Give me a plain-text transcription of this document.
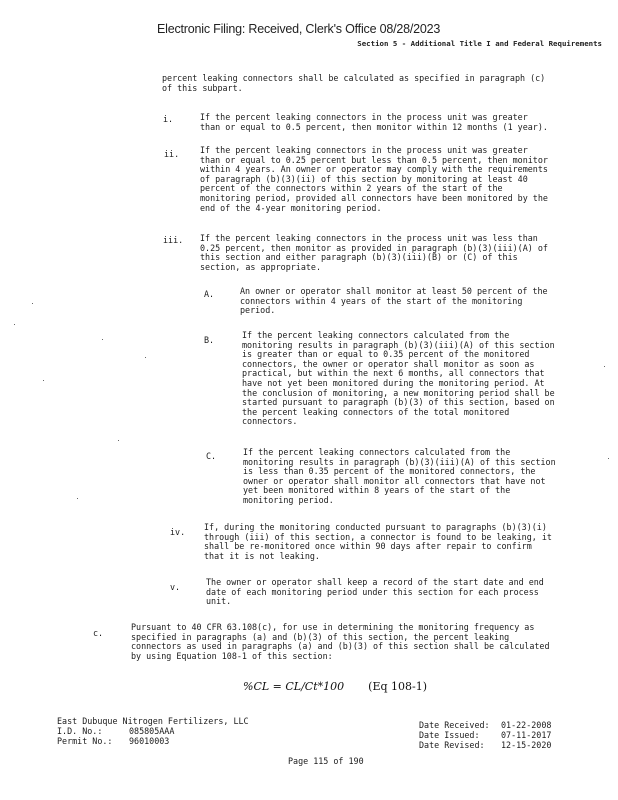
Electronic Filing: Received, Clerk's Office 08/28/2023
Section 5 - Additional Title I and Federal Requirements
percent leaking connectors shall be calculated as specified in paragraph (c)
of this subpart.
i.	If the percent leaking connectors in the process unit was greater
than or equal to 0.5 percent, then monitor within 12 months (1 year).
ii. If the percent leaking connectors in the process unit was greater
than or equal to 0.25 percent but less than 0.5 percent, then monitor
within 4 years. An owner or operator may comply with the requirements
of paragraph (b)(3)(ii) of this section by monitoring at least 40
percent of the connectors within 2 years of the start of the
monitoring period, provided all connectors have been monitored by the
end of the 4-year monitoring period.
iii. If the percent leaking connectors in the process unit was less than
0.25 percent, then monitor as provided in paragraph (b)(3)(iii)(A) of
this section and either paragraph (b)(3)(iii)(B) or (C) of this
section, as appropriate.
A.	An owner or operator shall monitor at least 50 percent of the
connectors within 4 years of the start of the monitoring
period.
B.	If the percent leaking connectors calculated from the
monitoring results in paragraph (b)(3)(iii)(A) of this section
is greater than or equal to 0.35 percent of the monitored
connectors, the owner or operator shall monitor as soon as
practical, but within the next 6 months, all connectors that
have not yet been monitored during the monitoring period. At
the conclusion of monitoring, a new monitoring period shall be
started pursuant to paragraph (b)(3) of this section, based on
the percent leaking connectors of the total monitored
connectors.
C.	If the percent leaking connectors calculated from the
monitoring results in paragraph (b)(3)(iii)(A) of this section
is less than 0.35 percent of the monitored connectors, the
owner or operator shall monitor all connectors that have not
yet been monitored within 8 years of the start of the
monitoring period.
iv. If, during the monitoring conducted pursuant to paragraphs (b)(3)(i)
through (iii) of this section, a connector is found to be leaking, it
shall be re-monitored once within 90 days after repair to confirm
that it is not leaking.
v.	The owner or operator shall keep a record of the start date and end
date of each monitoring period under this section for each process
unit.
c.
Pursuant to 40 CFR 63.108(c), for use in determining the monitoring frequency as
specified in paragraphs (a) and (b)(3) of this section, the percent leaking
connectors as used in paragraphs (a) and (b)(3) of this section shall be calculated
by using Equation 108-1 of this section:
%CL = CL/Ct*100 (Eq 108-1)
East Dubuque Nitrogen Fertilizers, LLC
I.D. No.:	085805AAA
Permit No.:	96010003
Date Received:	01-22-2008
Date Issued:	07-11-2017
Date Revised:	12-15-2020
Page 115 of 190
